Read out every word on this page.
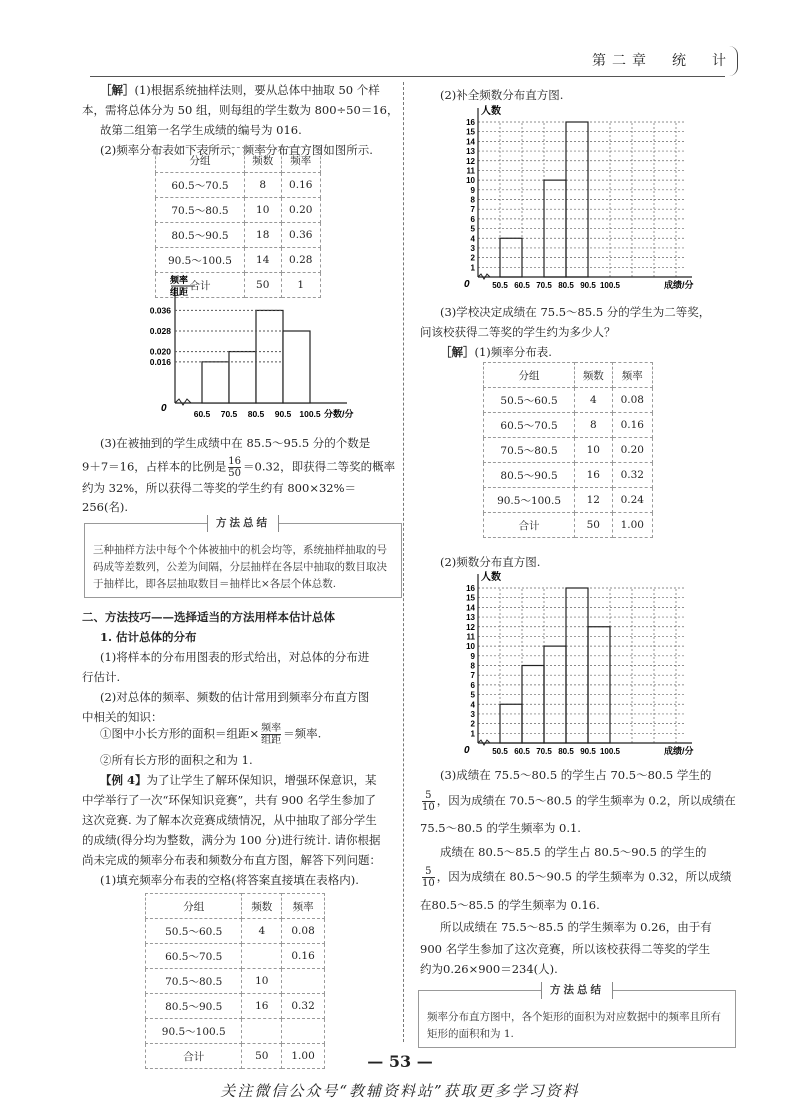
第二章　统　计
［解］(1)根据系统抽样法则，要从总体中抽取 50 个样
本，需将总体分为 50 组，则每组的学生数为 800÷50＝16，
故第二组第一名学生成绩的编号为 016.
(2)频率分布表如下表所示，频率分布直方图如图所示.
分组	频数	频率
60.5～70.5	8	0.16
70.5～80.5	10	0.20
80.5～90.5	18	0.36
90.5～100.5	14	0.28
合计	50	1
频率
组距
0
0.016
0.020
0.028
0.036
60.5 70.5 80.5 90.5 100.5 分数/分
(3)在被抽到的学生成绩中在 85.5～95.5 分的个数是
9＋7＝16，占样本的比例是 $\frac{16}{50} =0.32$，即获得二等奖的概率
约为 32%，所以获得二等奖的学生约有 800×32%＝
256(名).
方法总结
三种抽样方法中每个个体被抽中的机会均等，系统抽样抽取的号码成等差数列，公差为间隔，分层抽样在各层中抽取的数目取决于抽样比，即各层抽取数目＝抽样比×各层个体总数.
二、方法技巧——选择适当的方法用样本估计总体
1. 估计总体的分布
(1)将样本的分布用图表的形式给出，对总体的分布进
行估计.
(2)对总体的频率、频数的估计常用到频率分布直方图
中相关的知识：
①图中小长方形的面积＝组距× $\frac{\text{频率}}{\text{组距}}$ ＝频率.
②所有长方形的面积之和为 1.
【例 4】为了让学生了解环保知识，增强环保意识，某
中学举行了一次“环保知识竞赛”，共有 900 名学生参加了
这次竞赛. 为了解本次竞赛成绩情况，从中抽取了部分学生
的成绩(得分均为整数，满分为 100 分)进行统计. 请你根据
尚未完成的频率分布表和频数分布直方图，解答下列问题：
(1)填充频率分布表的空格(将答案直接填在表格内).
分组	频数	频率
50.5～60.5	4	0.08
60.5～70.5		0.16
70.5～80.5	10	
80.5～90.5	16	0.32
90.5～100.5		
合计	50	1.00
(2)补全频数分布直方图.
1
2
3
4
5
6
7
8
9
10
11
12
13
14
15
16
人数
0	50.5 60.5 70.5 80.5 90.5 100.5	成绩/分
(3)学校决定成绩在 75.5～85.5 分的学生为二等奖，
问该校获得二等奖的学生约为多少人？
［解］(1)频率分布表.
分组	频数	频率
50.5～60.5	4	0.08
60.5～70.5	8	0.16
70.5～80.5	10	0.20
80.5～90.5	16	0.32
90.5～100.5	12	0.24
合计	50	1.00
(2)频数分布直方图.
1
2
3
4
5
6
7
8
9
10
11
12
13
14
15
16
人数
0	50.5 60.5 70.5 80.5 90.5 100.5	成绩/分
(3)成绩在 75.5～80.5 的学生占 70.5～80.5 学生的
$\frac{5}{10}$ ，因为成绩在 70.5～80.5 的学生频率为 0.2，所以成绩在
75.5～80.5 的学生频率为 0.1.
成绩在 80.5～85.5 的学生占 80.5～90.5 的学生的
$\frac{5}{10}$ ，因为成绩在 80.5～90.5 的学生频率为 0.32，所以成绩
在80.5～85.5 的学生频率为 0.16.
所以成绩在 75.5～85.5 的学生频率为 0.26，由于有
900 名学生参加了这次竞赛，所以该校获得二等奖的学生
约为0.26×900＝234(人).
方法总结
频率分布直方图中，各个矩形的面积为对应数据中的频率且所有矩形的面积和为 1.
— 53 —
关注微信公众号“教辅资料站”获取更多学习资料
